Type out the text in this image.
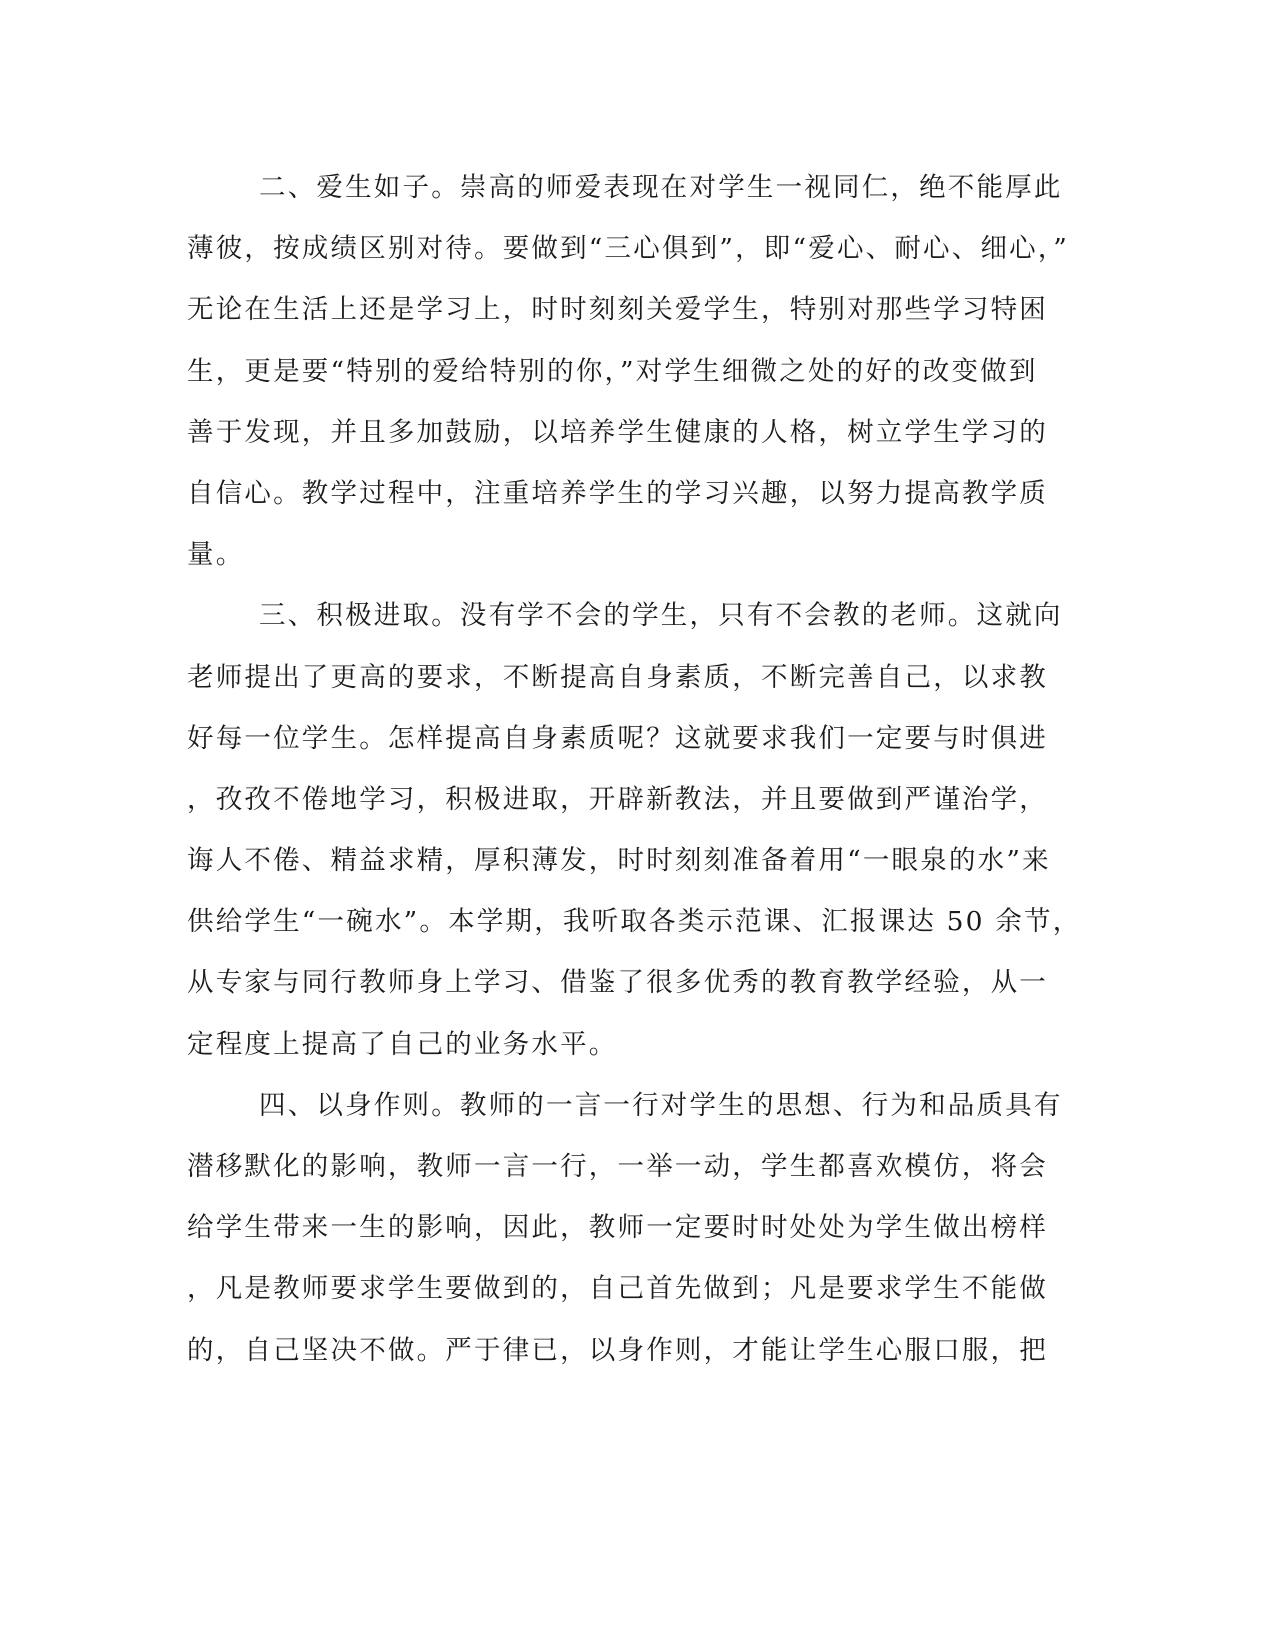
二、爱生如子。崇高的师爱表现在对学生一视同仁，绝不能厚此
薄彼，按成绩区别对待。要做到“三心俱到”，即“爱心、耐心、细心，”
无论在生活上还是学习上，时时刻刻关爱学生，特别对那些学习特困
生，更是要“特别的爱给特别的你，”对学生细微之处的好的改变做到
善于发现，并且多加鼓励，以培养学生健康的人格，树立学生学习的
自信心。教学过程中，注重培养学生的学习兴趣，以努力提高教学质
量。
三、积极进取。没有学不会的学生，只有不会教的老师。这就向
老师提出了更高的要求，不断提高自身素质，不断完善自己，以求教
好每一位学生。怎样提高自身素质呢？这就要求我们一定要与时俱进
，孜孜不倦地学习，积极进取，开辟新教法，并且要做到严谨治学，
诲人不倦、精益求精，厚积薄发，时时刻刻准备着用“一眼泉的水”来
供给学生“一碗水”。本学期，我听取各类示范课、汇报课达 50 余节，
从专家与同行教师身上学习、借鉴了很多优秀的教育教学经验，从一
定程度上提高了自己的业务水平。
四、以身作则。教师的一言一行对学生的思想、行为和品质具有
潜移默化的影响，教师一言一行，一举一动，学生都喜欢模仿，将会
给学生带来一生的影响，因此，教师一定要时时处处为学生做出榜样
，凡是教师要求学生要做到的，自己首先做到；凡是要求学生不能做
的，自己坚决不做。严于律已，以身作则，才能让学生心服口服，把
